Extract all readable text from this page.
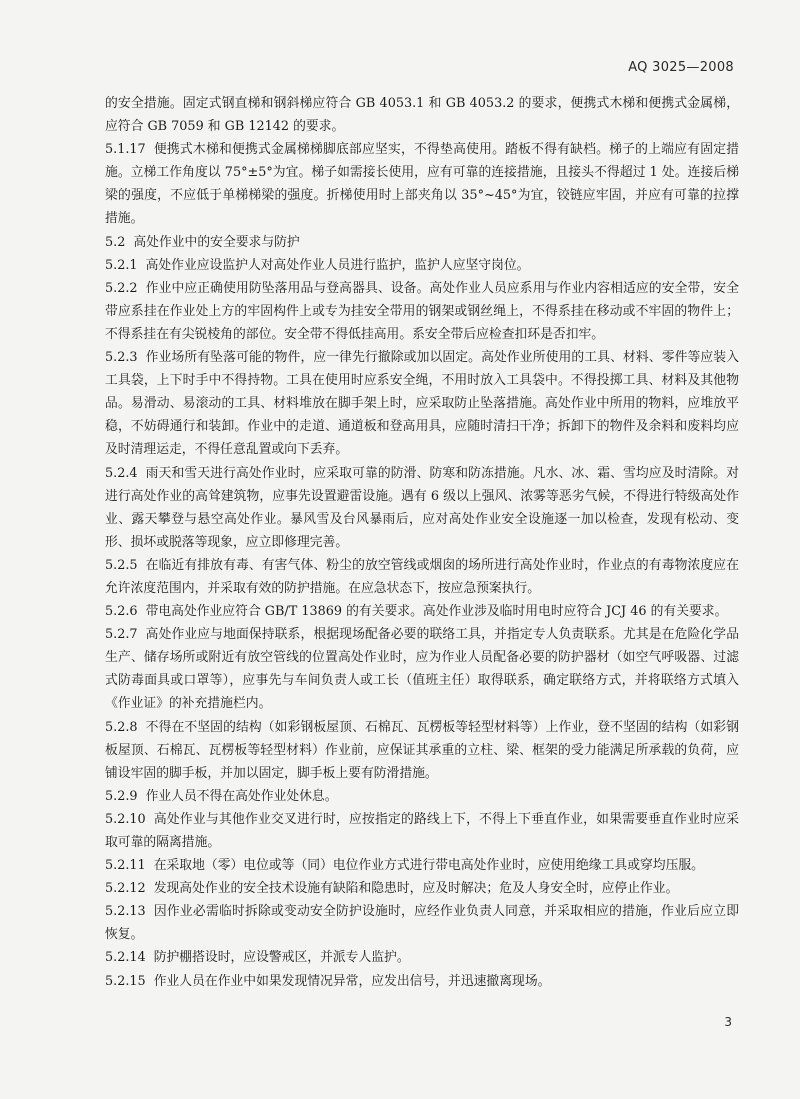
AQ 3025—2008

的安全措施。固定式钢直梯和钢斜梯应符合 GB 4053.1 和 GB 4053.2 的要求，便携式木梯和便携式金属梯，应符合 GB 7059 和 GB 12142 的要求。

5.1.17 便携式木梯和便携式金属梯梯脚底部应坚实，不得垫高使用。踏板不得有缺档。梯子的上端应有固定措施。立梯工作角度以 75°±5°为宜。梯子如需接长使用，应有可靠的连接措施，且接头不得超过 1 处。连接后梯梁的强度，不应低于单梯梯梁的强度。折梯使用时上部夹角以 35°~45°为宜，铰链应牢固，并应有可靠的拉撑措施。

5.2 高处作业中的安全要求与防护

5.2.1 高处作业应设监护人对高处作业人员进行监护，监护人应坚守岗位。

5.2.2 作业中应正确使用防坠落用品与登高器具、设备。高处作业人员应系用与作业内容相适应的安全带，安全带应系挂在作业处上方的牢固构件上或专为挂安全带用的钢架或钢丝绳上，不得系挂在移动或不牢固的物件上；不得系挂在有尖锐棱角的部位。安全带不得低挂高用。系安全带后应检查扣环是否扣牢。

5.2.3 作业场所有坠落可能的物件，应一律先行撤除或加以固定。高处作业所使用的工具、材料、零件等应装入工具袋，上下时手中不得持物。工具在使用时应系安全绳，不用时放入工具袋中。不得投掷工具、材料及其他物品。易滑动、易滚动的工具、材料堆放在脚手架上时，应采取防止坠落措施。高处作业中所用的物料，应堆放平稳，不妨碍通行和装卸。作业中的走道、通道板和登高用具，应随时清扫干净；拆卸下的物件及余料和废料均应及时清理运走，不得任意乱置或向下丢弃。

5.2.4 雨天和雪天进行高处作业时，应采取可靠的防滑、防寒和防冻措施。凡水、冰、霜、雪均应及时清除。对进行高处作业的高耸建筑物，应事先设置避雷设施。遇有 6 级以上强风、浓雾等恶劣气候，不得进行特级高处作业、露天攀登与悬空高处作业。暴风雪及台风暴雨后，应对高处作业安全设施逐一加以检查，发现有松动、变形、损坏或脱落等现象，应立即修理完善。

5.2.5 在临近有排放有毒、有害气体、粉尘的放空管线或烟囱的场所进行高处作业时，作业点的有毒物浓度应在允许浓度范围内，并采取有效的防护措施。在应急状态下，按应急预案执行。

5.2.6 带电高处作业应符合 GB/T 13869 的有关要求。高处作业涉及临时用电时应符合 JCJ 46 的有关要求。

5.2.7 高处作业应与地面保持联系，根据现场配备必要的联络工具，并指定专人负责联系。尤其是在危险化学品生产、储存场所或附近有放空管线的位置高处作业时，应为作业人员配备必要的防护器材（如空气呼吸器、过滤式防毒面具或口罩等），应事先与车间负责人或工长（值班主任）取得联系，确定联络方式，并将联络方式填入《作业证》的补充措施栏内。

5.2.8 不得在不坚固的结构（如彩钢板屋顶、石棉瓦、瓦楞板等轻型材料等）上作业，登不坚固的结构（如彩钢板屋顶、石棉瓦、瓦楞板等轻型材料）作业前，应保证其承重的立柱、梁、框架的受力能满足所承载的负荷，应铺设牢固的脚手板，并加以固定，脚手板上要有防滑措施。

5.2.9 作业人员不得在高处作业处休息。

5.2.10 高处作业与其他作业交叉进行时，应按指定的路线上下，不得上下垂直作业，如果需要垂直作业时应采取可靠的隔离措施。

5.2.11 在采取地（零）电位或等（同）电位作业方式进行带电高处作业时，应使用绝缘工具或穿均压服。

5.2.12 发现高处作业的安全技术设施有缺陷和隐患时，应及时解决；危及人身安全时，应停止作业。

5.2.13 因作业必需临时拆除或变动安全防护设施时，应经作业负责人同意，并采取相应的措施，作业后应立即恢复。

5.2.14 防护棚搭设时，应设警戒区，并派专人监护。

5.2.15 作业人员在作业中如果发现情况异常，应发出信号，并迅速撤离现场。

3
